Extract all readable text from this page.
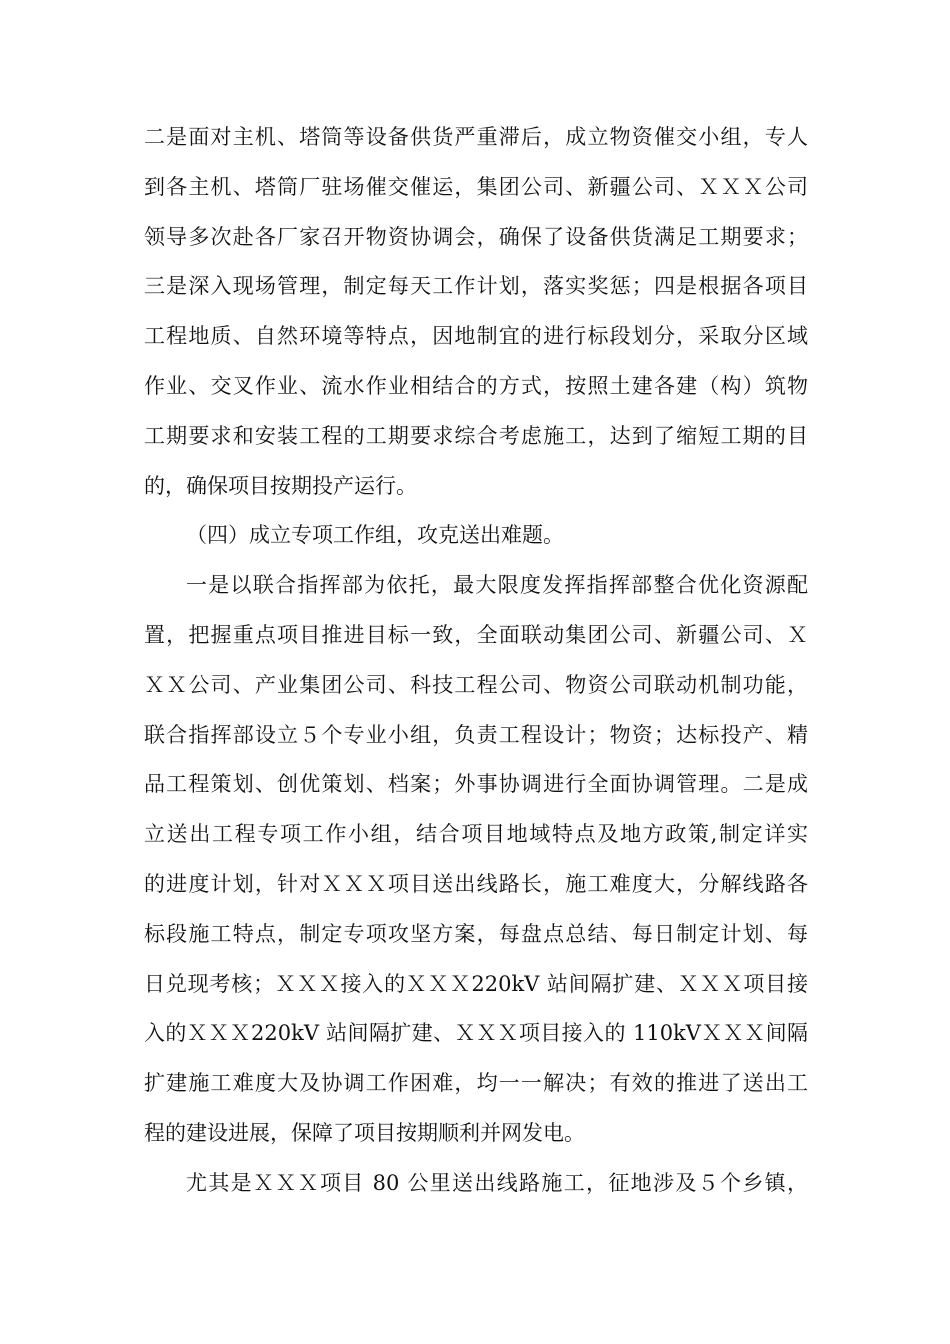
二是面对主机、塔筒等设备供货严重滞后，成立物资催交小组，专人
到各主机、塔筒厂驻场催交催运，集团公司、新疆公司、ＸＸＸ公司
领导多次赴各厂家召开物资协调会，确保了设备供货满足工期要求；
三是深入现场管理，制定每天工作计划，落实奖惩；四是根据各项目
工程地质、自然环境等特点，因地制宜的进行标段划分，采取分区域
作业、交叉作业、流水作业相结合的方式，按照土建各建（构）筑物
工期要求和安装工程的工期要求综合考虑施工，达到了缩短工期的目
的，确保项目按期投产运行。
（四）成立专项工作组，攻克送出难题。
一是以联合指挥部为依托，最大限度发挥指挥部整合优化资源配
置，把握重点项目推进目标一致，全面联动集团公司、新疆公司、Ｘ
ＸＸ公司、产业集团公司、科技工程公司、物资公司联动机制功能，
联合指挥部设立５个专业小组，负责工程设计；物资；达标投产、精
品工程策划、创优策划、档案；外事协调进行全面协调管理。二是成
立送出工程专项工作小组，结合项目地域特点及地方政策,制定详实
的进度计划，针对ＸＸＸ项目送出线路长，施工难度大，分解线路各
标段施工特点，制定专项攻坚方案，每盘点总结、每日制定计划、每
日兑现考核；ＸＸＸ接入的ＸＸＸ220kV 站间隔扩建、ＸＸＸ项目接
入的ＸＸＸ220kV 站间隔扩建、ＸＸＸ项目接入的 110kVＸＸＸ间隔
扩建施工难度大及协调工作困难，均一一解决；有效的推进了送出工
程的建设进展，保障了项目按期顺利并网发电。
尤其是ＸＸＸ项目 80 公里送出线路施工，征地涉及５个乡镇，
